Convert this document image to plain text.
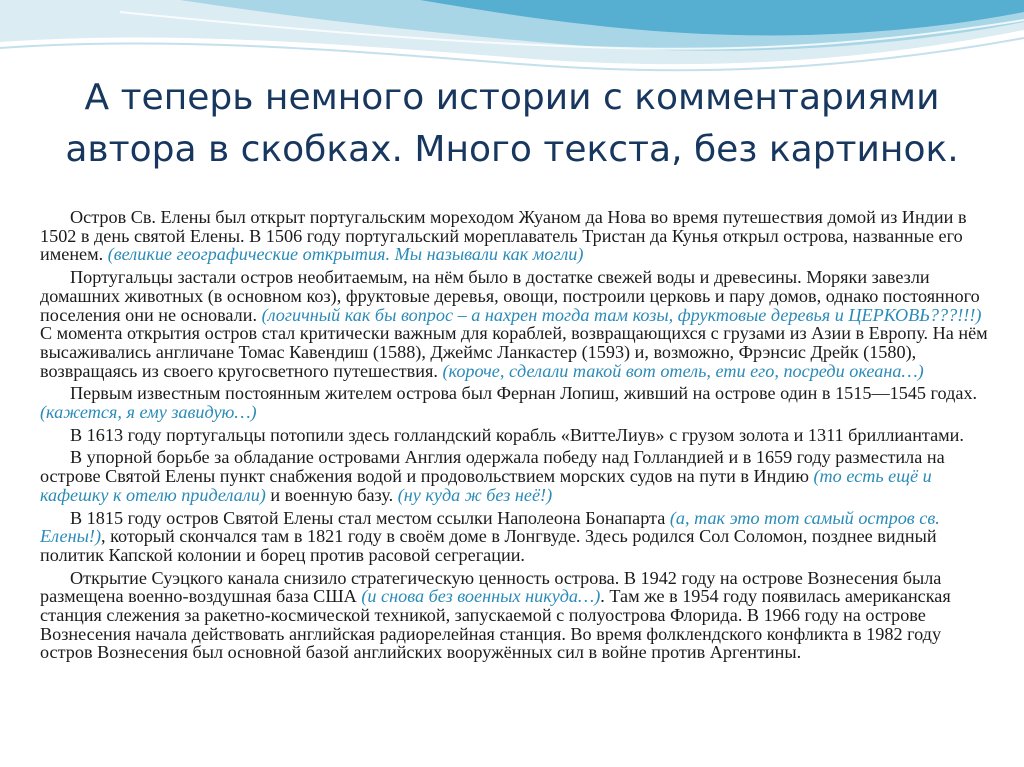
А теперь немного истории с комментариями
автора в скобках. Много текста, без картинок.

Остров Св. Елены был открыт португальским мореходом Жуаном да Нова во время путешествия домой из Индии в 1502 в день святой Елены. В 1506 году португальский мореплаватель Тристан да Кунья открыл острова, названные его именем. (великие географические открытия. Мы называли как могли)

Португальцы застали остров необитаемым, на нём было в достатке свежей воды и древесины. Моряки завезли домашних животных (в основном коз), фруктовые деревья, овощи, построили церковь и пару домов, однако постоянного поселения они не основали. (логичный как бы вопрос – а нахрен тогда там козы, фруктовые деревья и ЦЕРКОВЬ???!!!) С момента открытия остров стал критически важным для кораблей, возвращающихся с грузами из Азии в Европу. На нём высаживались англичане Томас Кавендиш (1588), Джеймс Ланкастер (1593) и, возможно, Фрэнсис Дрейк (1580), возвращаясь из своего кругосветного путешествия. (короче, сделали такой вот отель, ети его, посреди океана…)

Первым известным постоянным жителем острова был Фернан Лопиш, живший на острове один в 1515—1545 годах. (кажется, я ему завидую…)

В 1613 году португальцы потопили здесь голландский корабль «ВиттеЛиув» с грузом золота и 1311 бриллиантами.

В упорной борьбе за обладание островами Англия одержала победу над Голландией и в 1659 году разместила на острове Святой Елены пункт снабжения водой и продовольствием морских судов на пути в Индию (то есть ещё и кафешку к отелю приделали) и военную базу. (ну куда ж без неё!)

В 1815 году остров Святой Елены стал местом ссылки Наполеона Бонапарта (а, так это тот самый остров св. Елены!), который скончался там в 1821 году в своём доме в Лонгвуде. Здесь родился Сол Соломон, позднее видный политик Капской колонии и борец против расовой сегрегации.

Открытие Суэцкого канала снизило стратегическую ценность острова. В 1942 году на острове Вознесения была размещена военно-воздушная база США (и снова без военных никуда…). Там же в 1954 году появилась американская станция слежения за ракетно-космической техникой, запускаемой с полуострова Флорида. В 1966 году на острове Вознесения начала действовать английская радиорелейная станция. Во время фолклендского конфликта в 1982 году остров Вознесения был основной базой английских вооружённых сил в войне против Аргентины.
